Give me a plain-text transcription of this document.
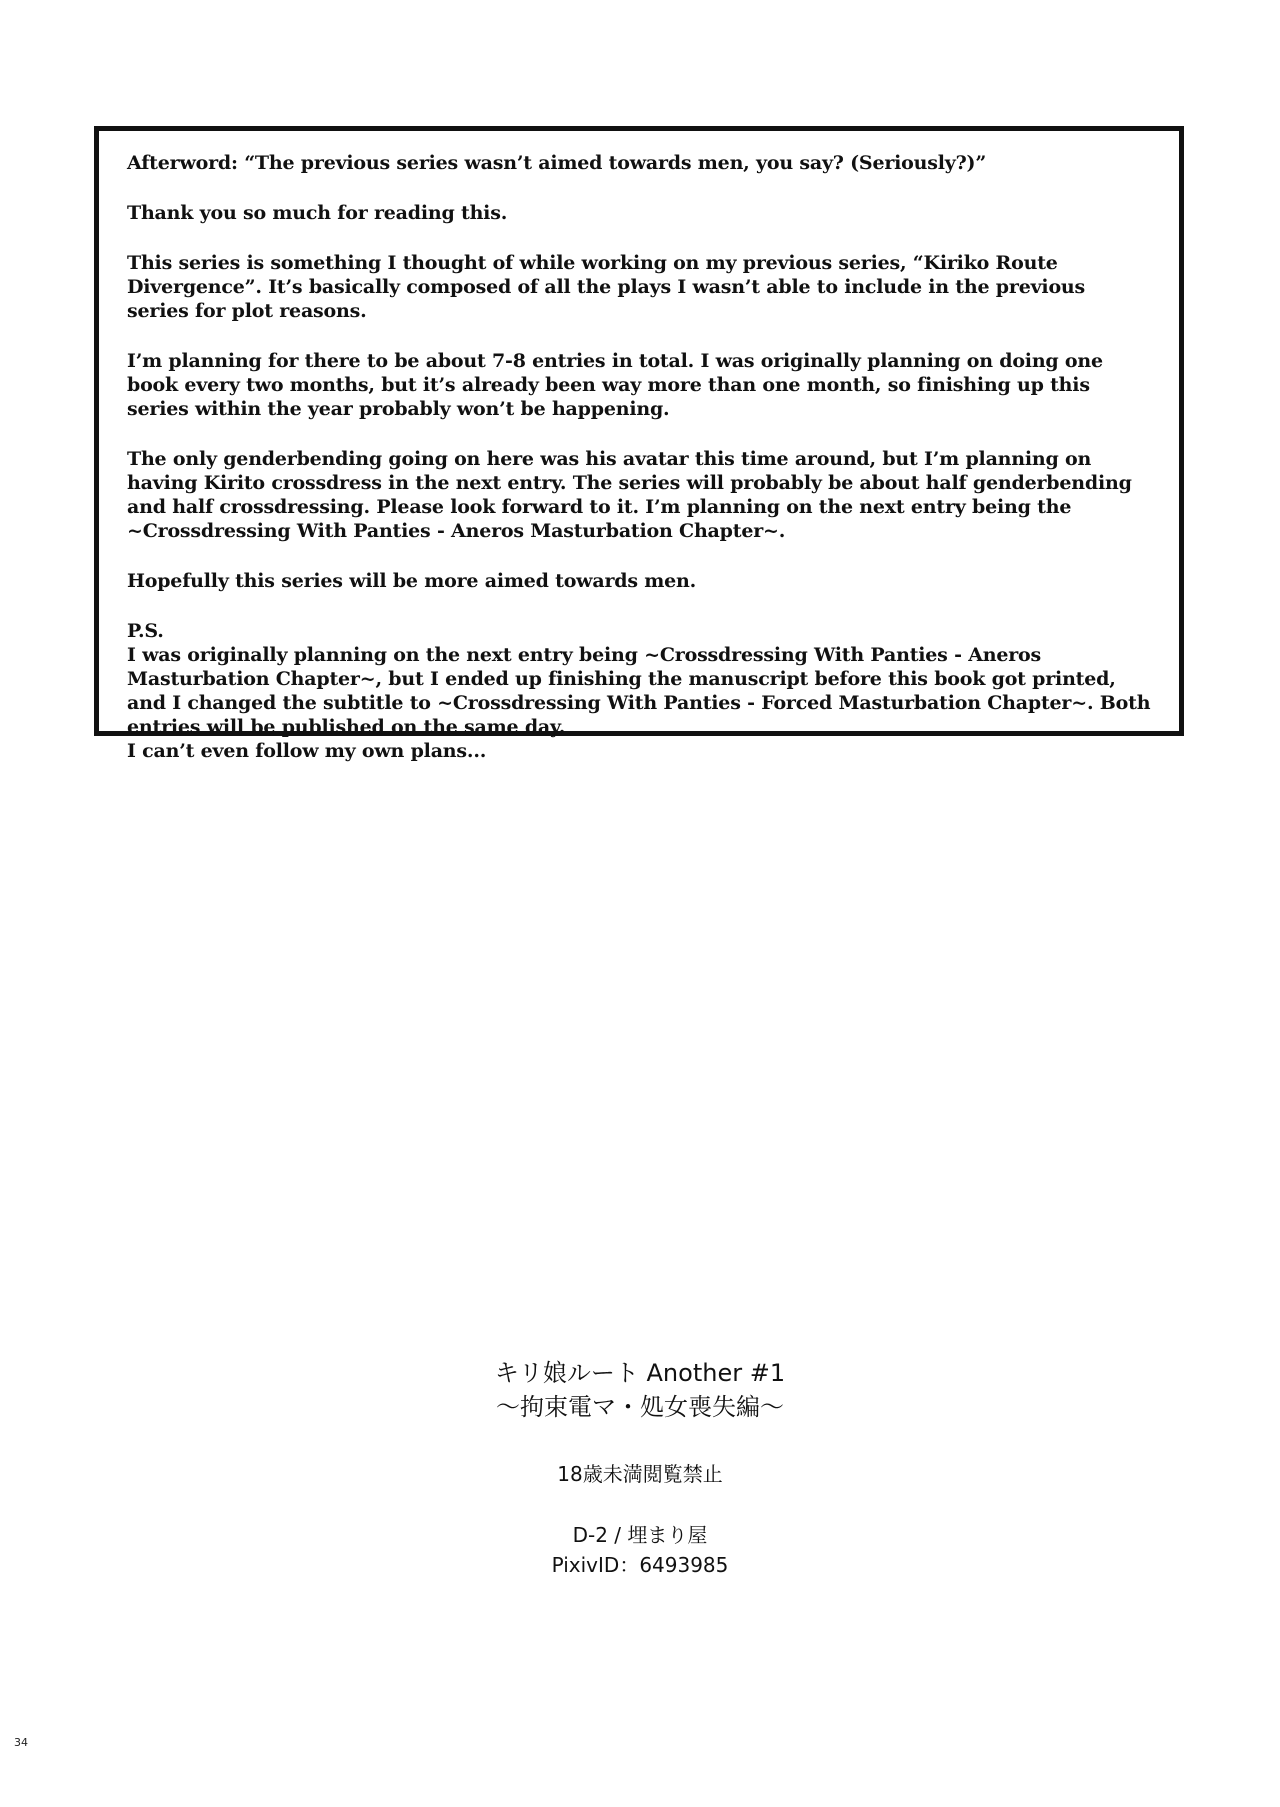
Afterword: “The previous series wasn’t aimed towards men, you say? (Seriously?)”

Thank you so much for reading this.

This series is something I thought of while working on my previous series, “Kiriko Route Divergence”. It’s basically composed of all the plays I wasn’t able to include in the previous series for plot reasons.

I’m planning for there to be about 7-8 entries in total. I was originally planning on doing one book every two months, but it’s already been way more than one month, so finishing up this series within the year probably won’t be happening.

The only genderbending going on here was his avatar this time around, but I’m planning on having Kirito crossdress in the next entry. The series will probably be about half genderbending and half crossdressing. Please look forward to it. I’m planning on the next entry being the ~Crossdressing With Panties - Aneros Masturbation Chapter~.

Hopefully this series will be more aimed towards men.

P.S.

I was originally planning on the next entry being ~Crossdressing With Panties - Aneros Masturbation Chapter~, but I ended up finishing the manuscript before this book got printed, and I changed the subtitle to ~Crossdressing With Panties - Forced Masturbation Chapter~. Both entries will be published on the same day.

I can’t even follow my own plans...

キリ娘ルート Another #1
〜拘束電マ・処女喪失編〜
18歳未満閲覧禁止
D-2 / 埋まり屋
PixivID：6493985
34
